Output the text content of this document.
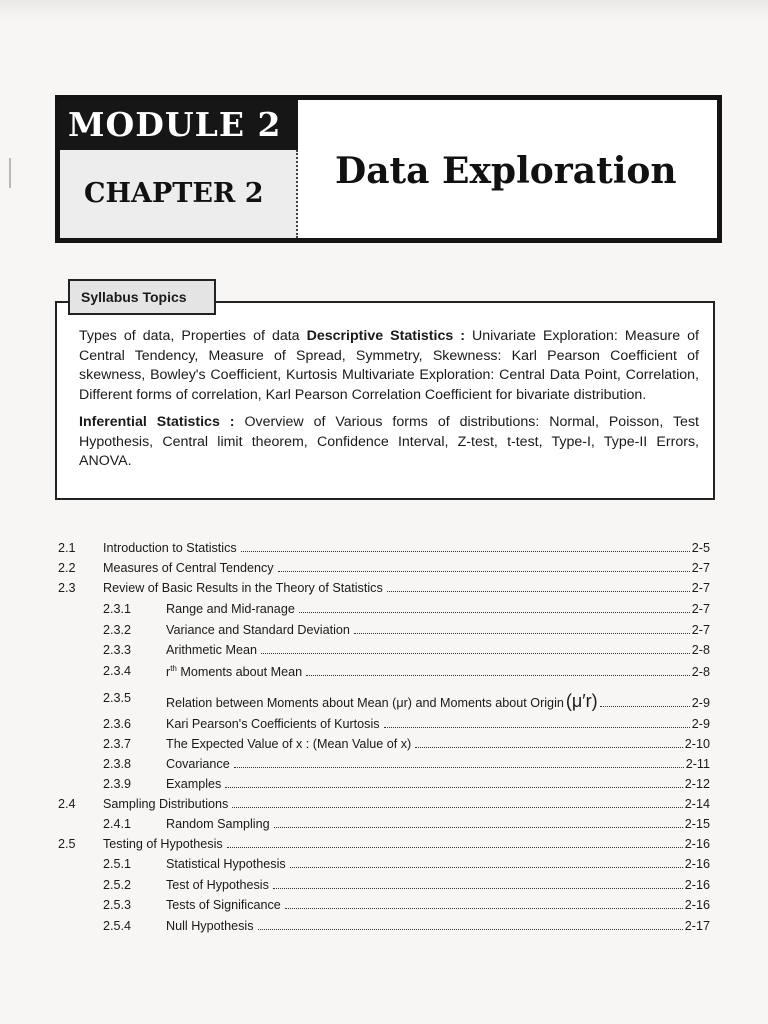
MODULE 2
CHAPTER 2
Data Exploration
Syllabus Topics

Types of data, Properties of data Descriptive Statistics : Univariate Exploration: Measure of Central Tendency, Measure of Spread, Symmetry, Skewness: Karl Pearson Coefficient of skewness, Bowley's Coefficient, Kurtosis Multivariate Exploration: Central Data Point, Correlation, Different forms of correlation, Karl Pearson Correlation Coefficient for bivariate distribution.

Inferential Statistics : Overview of Various forms of distributions: Normal, Poisson, Test Hypothesis, Central limit theorem, Confidence Interval, Z-test, t-test, Type-I, Type-II Errors, ANOVA.

2.1 Introduction to Statistics	2-5
2.2 Measures of Central Tendency	2-7
2.3 Review of Basic Results in the Theory of Statistics	2-7
2.3.1	Range and Mid-ranage	2-7
2.3.2	Variance and Standard Deviation	2-7
2.3.3	Arithmetic Mean	2-8
2.3.4	$r^{th}$ Moments about Mean	2-8
2.3.5	Relation between Moments about Mean (μr) and Moments about Origin (μ′r)	2-9
2.3.6	Kari Pearson's Coefficients of Kurtosis	2-9
2.3.7	The Expected Value of x : (Mean Value of x)	2-10
2.3.8	Covariance	2-11
2.3.9	Examples	2-12
2.4 Sampling Distributions	2-14
2.4.1	Random Sampling	2-15
2.5 Testing of Hypothesis	2-16
2.5.1	Statistical Hypothesis	2-16
2.5.2	Test of Hypothesis	2-16
2.5.3	Tests of Significance	2-16
2.5.4	Null Hypothesis	2-17
